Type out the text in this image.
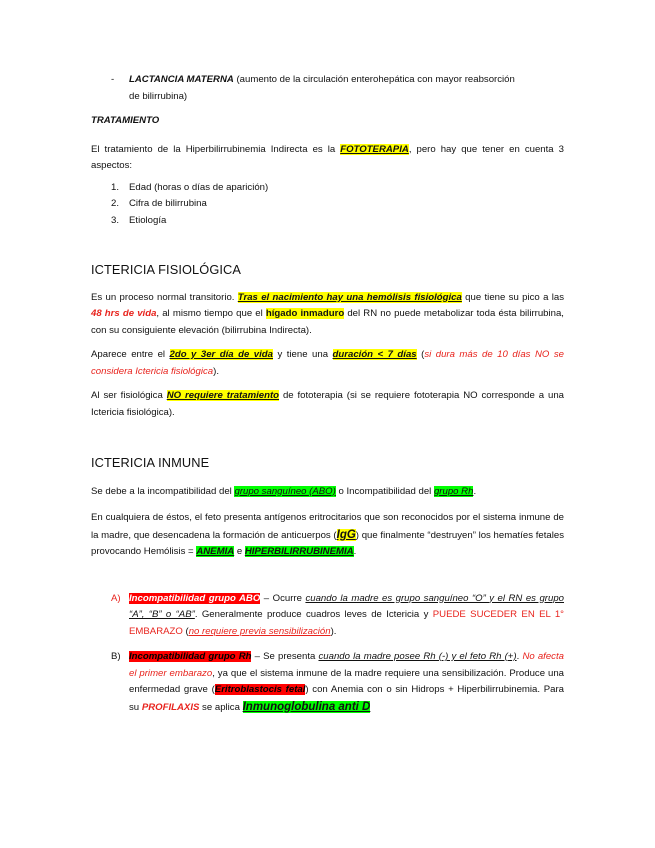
- LACTANCIA MATERNA (aumento de la circulación enterohepática con mayor reabsorción
de bilirrubina)

TRATAMIENTO

El tratamiento de la Hiperbilirrubinemia Indirecta es la FOTOTERAPIA, pero hay que tener en cuenta 3 aspectos:

1. Edad (horas o días de aparición)
2. Cifra de bilirrubina
3. Etiología
ICTERICIA FISIOLÓGICA

Es un proceso normal transitorio. Tras el nacimiento hay una hemólisis fisiológica que tiene su pico a las 48 hrs de vida, al mismo tiempo que el hígado inmaduro del RN no puede metabolizar toda ésta bilirrubina, con su consiguiente elevación (bilirrubina Indirecta).

Aparece entre el 2do y 3er día de vida y tiene una duración < 7 días (si dura más de 10 días NO se considera Ictericia fisiológica).

Al ser fisiológica NO requiere tratamiento de fototerapia (si se requiere fototerapia NO corresponde a una Ictericia fisiológica).

ICTERICIA INMUNE

Se debe a la incompatibilidad del grupo sanguíneo (ABO) o Incompatibilidad del grupo Rh.

En cualquiera de éstos, el feto presenta antígenos eritrocitarios que son reconocidos por el sistema inmune de la madre, que desencadena la formación de anticuerpos (IgG) que finalmente “destruyen” los hematíes fetales provocando Hemólisis = ANEMIA e HIPERBILIRRUBINEMIA.

A) Incompatibilidad grupo ABO – Ocurre cuando la madre es grupo sanguíneo “O” y el RN es grupo “A”, “B” o “AB”. Generalmente produce cuadros leves de Ictericia y PUEDE SUCEDER EN EL 1° EMBARAZO (no requiere previa sensibilización).
B) Incompatibilidad grupo Rh – Se presenta cuando la madre posee Rh (-) y el feto Rh (+). No afecta el primer embarazo, ya que el sistema inmune de la madre requiere una sensibilización. Produce una enfermedad grave (Eritroblastocis fetal) con Anemia con o sin Hidrops + Hiperbilirrubinemia. Para su PROFILAXIS se aplica Inmunoglobulina anti D
